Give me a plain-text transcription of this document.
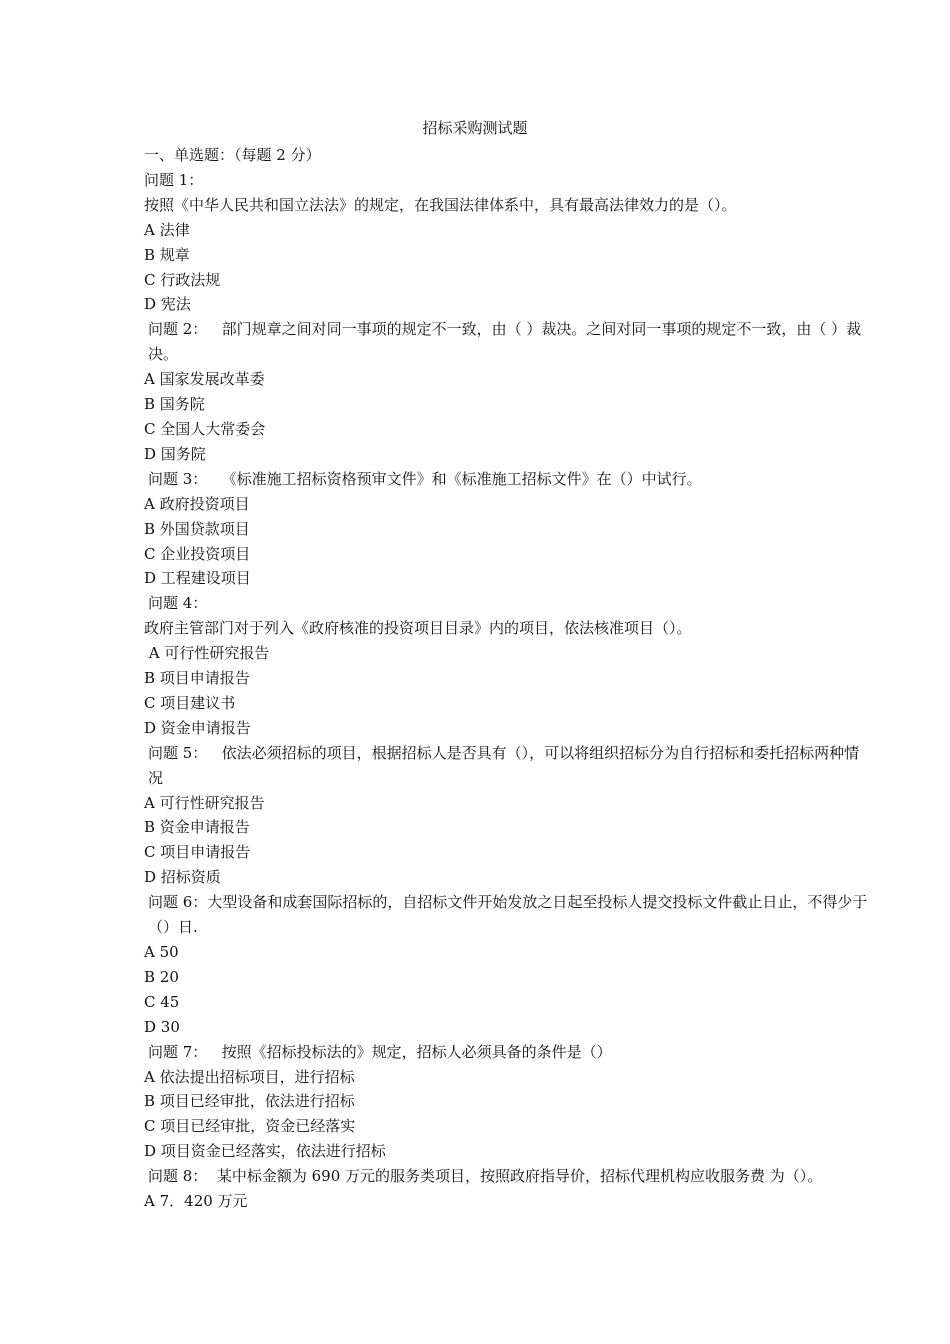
招标采购测试题
一、单选题：（每题 2 分）
问题 1：
按照《中华人民共和国立法法》的规定，在我国法律体系中，具有最高法律效力的是（）。
A 法律
B 规章
C 行政法规
D 宪法
问题 2： 部门规章之间对同一事项的规定不一致，由（ ）裁决。之间对同一事项的规定不一致，由（ ）裁决。
A 国家发展改革委
B 国务院
C 全国人大常委会
D 国务院
问题 3： 《标准施工招标资格预审文件》和《标准施工招标文件》在（）中试行。
A 政府投资项目
B 外国贷款项目
C 企业投资项目
D 工程建设项目
问题 4：
政府主管部门对于列入《政府核准的投资项目目录》内的项目，依法核准项目（）。
A 可行性研究报告
B 项目申请报告
C 项目建议书
D 资金申请报告
问题 5： 依法必须招标的项目，根据招标人是否具有（），可以将组织招标分为自行招标和委托招标两种情况
A 可行性研究报告
B 资金申请报告
C 项目申请报告
D 招标资质
问题 6：大型设备和成套国际招标的，自招标文件开始发放之日起至投标人提交投标文件截止日止，不得少于（）日.
A 50
B 20
C 45
D 30
问题 7： 按照《招标投标法的》规定，招标人必须具备的条件是（）
A 依法提出招标项目，进行招标
B 项目已经审批，依法进行招标
C 项目已经审批，资金已经落实
D 项目资金已经落实，依法进行招标
问题 8： 某中标金额为 690 万元的服务类项目，按照政府指导价，招标代理机构应收服务费 为（）。
A 7．420 万元
